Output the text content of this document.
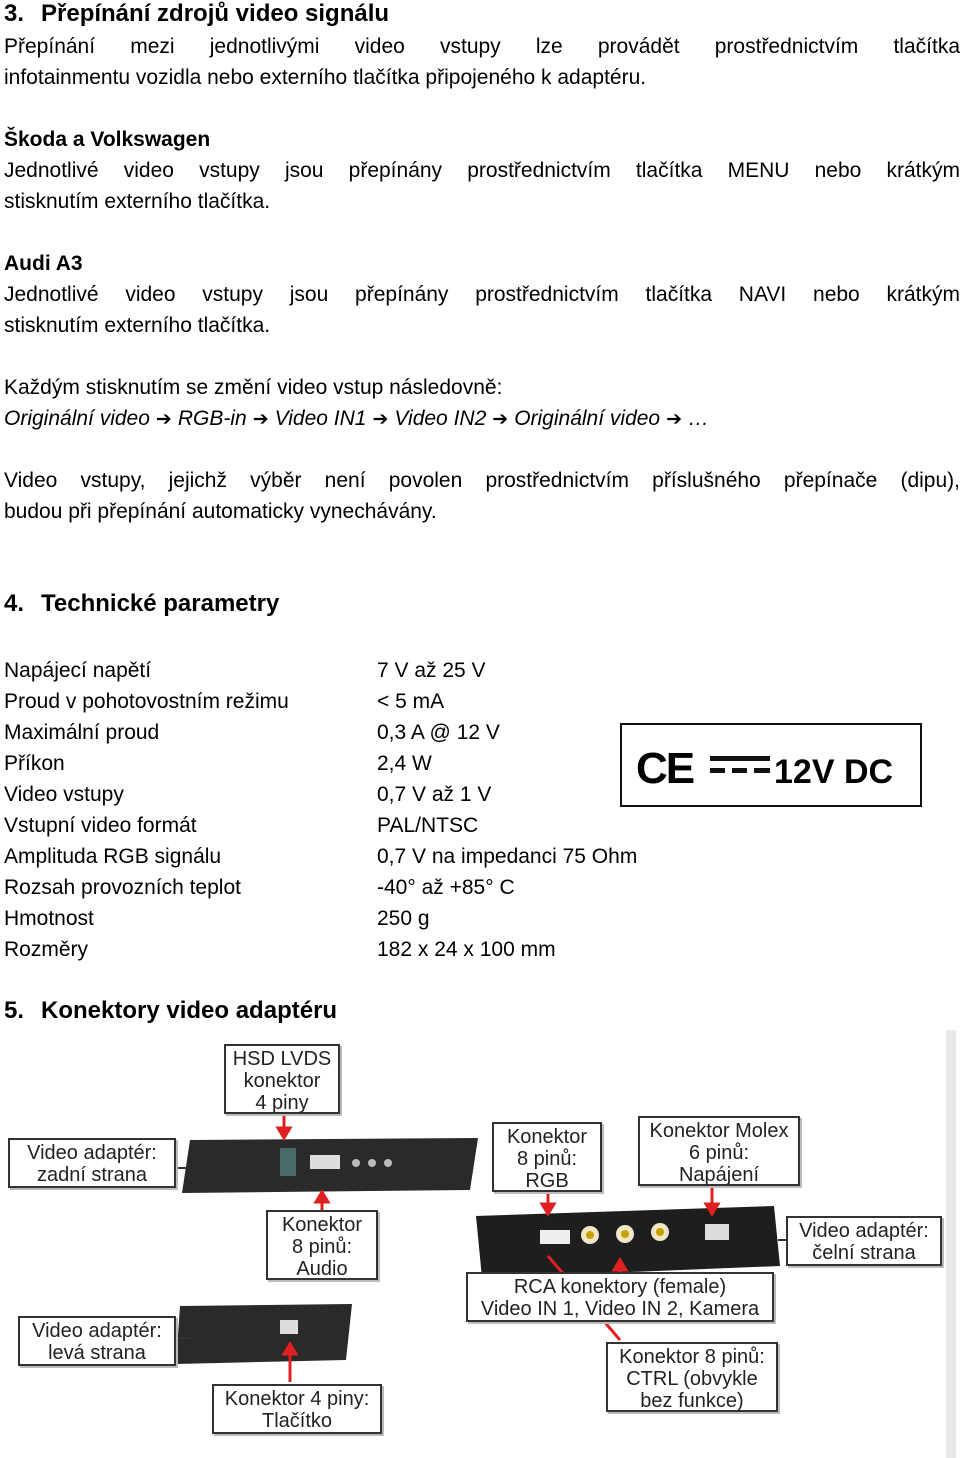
3. Přepínání zdrojů video signálu
Přepínání mezi jednotlivými video vstupy lze provádět prostřednictvím tlačítka
infotainmentu vozidla nebo externího tlačítka připojeného k adaptéru.
Škoda a Volkswagen
Jednotlivé video vstupy jsou přepínány prostřednictvím tlačítka MENU nebo krátkým
stisknutím externího tlačítka.
Audi A3
Jednotlivé video vstupy jsou přepínány prostřednictvím tlačítka NAVI nebo krátkým
stisknutím externího tlačítka.
Každým stisknutím se změní video vstup následovně:
Originální video ➔ RGB-in ➔ Video IN1 ➔ Video IN2 ➔ Originální video ➔ …
Video vstupy, jejichž výběr není povolen prostřednictvím příslušného přepínače (dipu),
budou při přepínání automaticky vynechávány.
4. Technické parametry
Napájecí napětí	7 V až 25 V
Proud v pohotovostním režimu	< 5 mA
Maximální proud	0,3 A @ 12 V
Příkon	2,4 W
Video vstupy	0,7 V až 1 V
Vstupní video formát	PAL/NTSC
Amplituda RGB signálu	0,7 V na impedanci 75 Ohm
Rozsah provozních teplot	-40° až +85° C
Hmotnost	250 g
Rozměry	182 x 24 x 100 mm
CE 12V DC
5. Konektory video adaptéru
HSD LVDS
konektor
4 piny
Video adaptér:
zadní strana
Konektor
8 pinů:
RGB
Konektor Molex
6 pinů:
Napájení
Konektor
8 pinů:
Audio
Video adaptér:
čelní strana
RCA konektory (female)
Video IN 1, Video IN 2, Kamera
Video adaptér:
levá strana	Konektor 8 pinů:
CTRL (obvykle
bez funkce)
Konektor 4 piny:
Tlačítko
